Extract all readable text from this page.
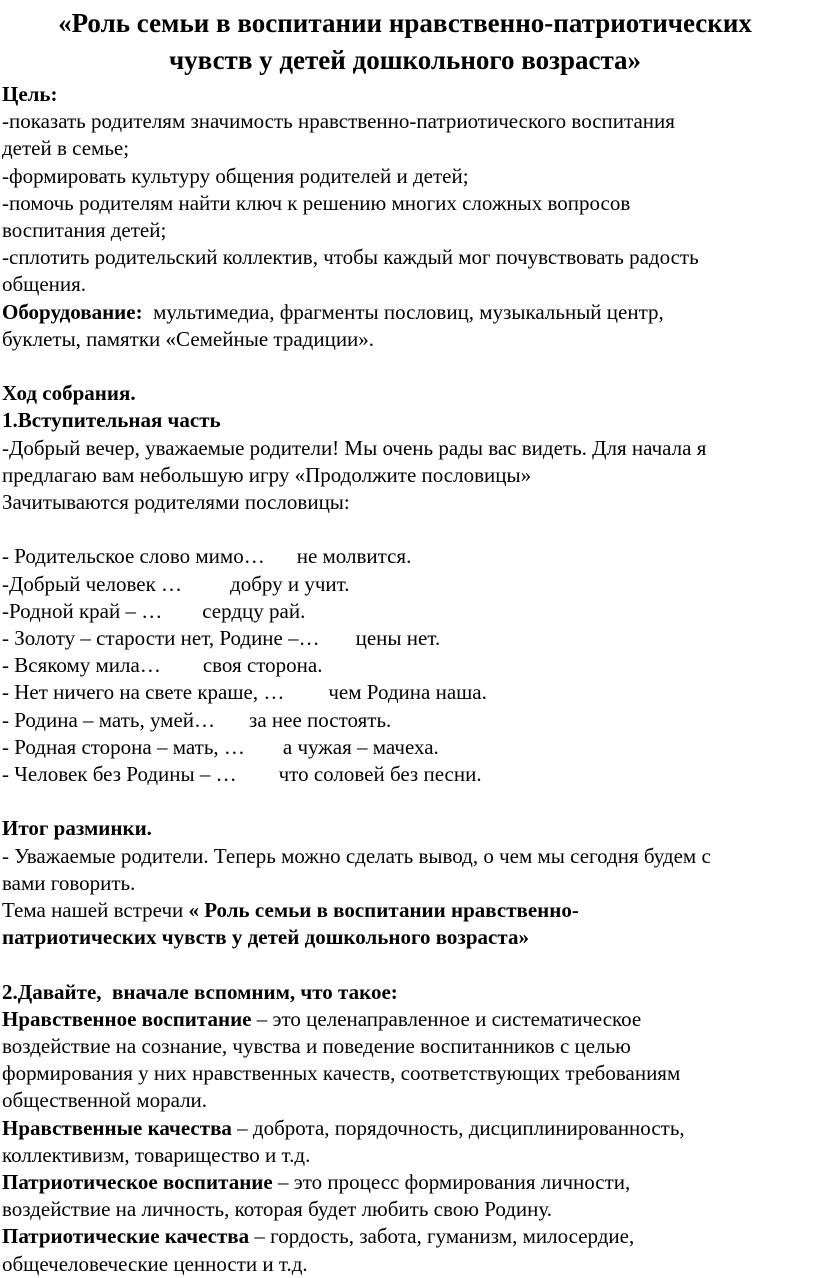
«Роль семьи в воспитании нравственно-патриотических
чувств у детей дошкольного возраста»
Цель:
-показать родителям значимость нравственно-патриотического воспитания
детей в семье;
-формировать культуру общения родителей и детей;
-помочь родителям найти ключ к решению многих сложных вопросов
воспитания детей;
-сплотить родительский коллектив, чтобы каждый мог почувствовать радость
общения.
Оборудование:  мультимедиа, фрагменты пословиц, музыкальный центр,
буклеты, памятки «Семейные традиции».
Ход собрания.
1.Вступительная часть
-Добрый вечер, уважаемые родители! Мы очень рады вас видеть. Для начала я
предлагаю вам небольшую игру «Продолжите пословицы»
Зачитываются родителями пословицы:
- Родительское слово мимо… не молвится.
-Добрый человек … добру и учит.
-Родной край – … сердцу рай.
- Золоту – старости нет, Родине –… цены нет.
- Всякому мила… своя сторона.
- Нет ничего на свете краше, … чем Родина наша.
- Родина – мать, умей… за нее постоять.
- Родная сторона – мать, … а чужая – мачеха.
- Человек без Родины – … что соловей без песни.
Итог разминки.
- Уважаемые родители. Теперь можно сделать вывод, о чем мы сегодня будем с
вами говорить.
Тема нашей встречи « Роль семьи в воспитании нравственно-
патриотических чувств у детей дошкольного возраста»
2.Давайте,  вначале вспомним, что такое:
Нравственное воспитание – это целенаправленное и систематическое
воздействие на сознание, чувства и поведение воспитанников с целью
формирования у них нравственных качеств, соответствующих требованиям
общественной морали.
Нравственные качества – доброта, порядочность, дисциплинированность,
коллективизм, товарищество и т.д.
Патриотическое воспитание – это процесс формирования личности,
воздействие на личность, которая будет любить свою Родину.
Патриотические качества – гордость, забота, гуманизм, милосердие,
общечеловеческие ценности и т.д.
